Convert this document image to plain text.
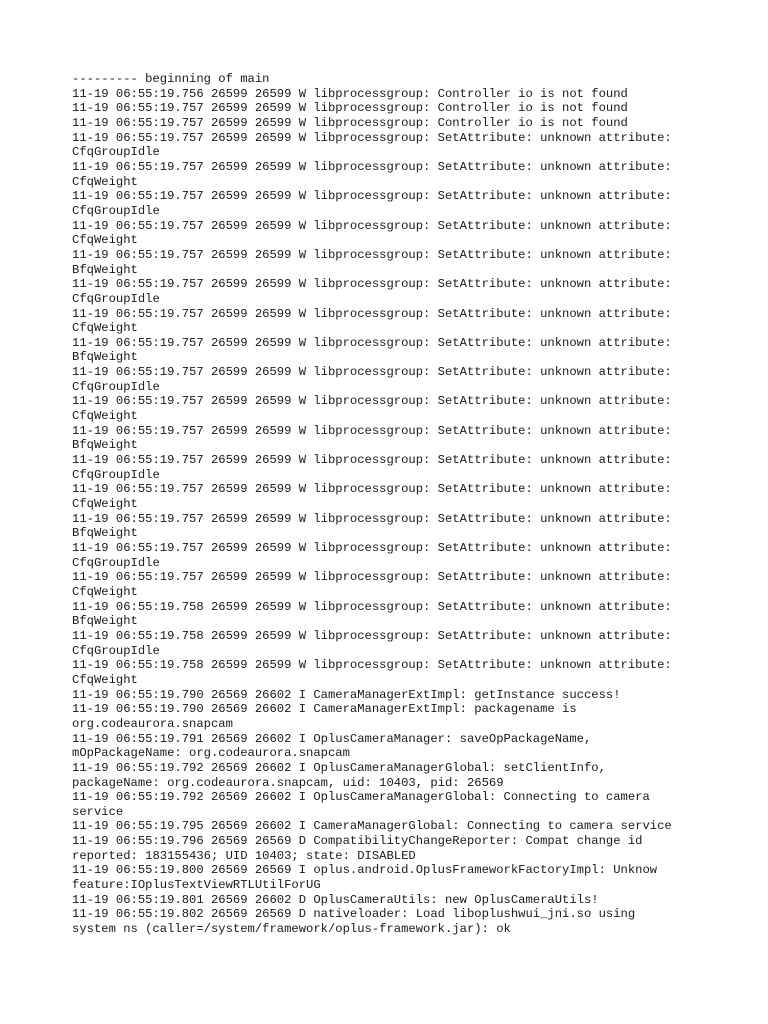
--------- beginning of main
11-19 06:55:19.756 26599 26599 W libprocessgroup: Controller io is not found
11-19 06:55:19.757 26599 26599 W libprocessgroup: Controller io is not found
11-19 06:55:19.757 26599 26599 W libprocessgroup: Controller io is not found
11-19 06:55:19.757 26599 26599 W libprocessgroup: SetAttribute: unknown attribute:
CfqGroupIdle
11-19 06:55:19.757 26599 26599 W libprocessgroup: SetAttribute: unknown attribute:
CfqWeight
11-19 06:55:19.757 26599 26599 W libprocessgroup: SetAttribute: unknown attribute:
CfqGroupIdle
11-19 06:55:19.757 26599 26599 W libprocessgroup: SetAttribute: unknown attribute:
CfqWeight
11-19 06:55:19.757 26599 26599 W libprocessgroup: SetAttribute: unknown attribute:
BfqWeight
11-19 06:55:19.757 26599 26599 W libprocessgroup: SetAttribute: unknown attribute:
CfqGroupIdle
11-19 06:55:19.757 26599 26599 W libprocessgroup: SetAttribute: unknown attribute:
CfqWeight
11-19 06:55:19.757 26599 26599 W libprocessgroup: SetAttribute: unknown attribute:
BfqWeight
11-19 06:55:19.757 26599 26599 W libprocessgroup: SetAttribute: unknown attribute:
CfqGroupIdle
11-19 06:55:19.757 26599 26599 W libprocessgroup: SetAttribute: unknown attribute:
CfqWeight
11-19 06:55:19.757 26599 26599 W libprocessgroup: SetAttribute: unknown attribute:
BfqWeight
11-19 06:55:19.757 26599 26599 W libprocessgroup: SetAttribute: unknown attribute:
CfqGroupIdle
11-19 06:55:19.757 26599 26599 W libprocessgroup: SetAttribute: unknown attribute:
CfqWeight
11-19 06:55:19.757 26599 26599 W libprocessgroup: SetAttribute: unknown attribute:
BfqWeight
11-19 06:55:19.757 26599 26599 W libprocessgroup: SetAttribute: unknown attribute:
CfqGroupIdle
11-19 06:55:19.757 26599 26599 W libprocessgroup: SetAttribute: unknown attribute:
CfqWeight
11-19 06:55:19.758 26599 26599 W libprocessgroup: SetAttribute: unknown attribute:
BfqWeight
11-19 06:55:19.758 26599 26599 W libprocessgroup: SetAttribute: unknown attribute:
CfqGroupIdle
11-19 06:55:19.758 26599 26599 W libprocessgroup: SetAttribute: unknown attribute:
CfqWeight
11-19 06:55:19.790 26569 26602 I CameraManagerExtImpl: getInstance success!
11-19 06:55:19.790 26569 26602 I CameraManagerExtImpl: packagename is
org.codeaurora.snapcam
11-19 06:55:19.791 26569 26602 I OplusCameraManager: saveOpPackageName,
mOpPackageName: org.codeaurora.snapcam
11-19 06:55:19.792 26569 26602 I OplusCameraManagerGlobal: setClientInfo,
packageName: org.codeaurora.snapcam, uid: 10403, pid: 26569
11-19 06:55:19.792 26569 26602 I OplusCameraManagerGlobal: Connecting to camera
service
11-19 06:55:19.795 26569 26602 I CameraManagerGlobal: Connecting to camera service
11-19 06:55:19.796 26569 26569 D CompatibilityChangeReporter: Compat change id
reported: 183155436; UID 10403; state: DISABLED
11-19 06:55:19.800 26569 26569 I oplus.android.OplusFrameworkFactoryImpl: Unknow
feature:IOplusTextViewRTLUtilForUG
11-19 06:55:19.801 26569 26602 D OplusCameraUtils: new OplusCameraUtils!
11-19 06:55:19.802 26569 26569 D nativeloader: Load liboplushwui_jni.so using
system ns (caller=/system/framework/oplus-framework.jar): ok
